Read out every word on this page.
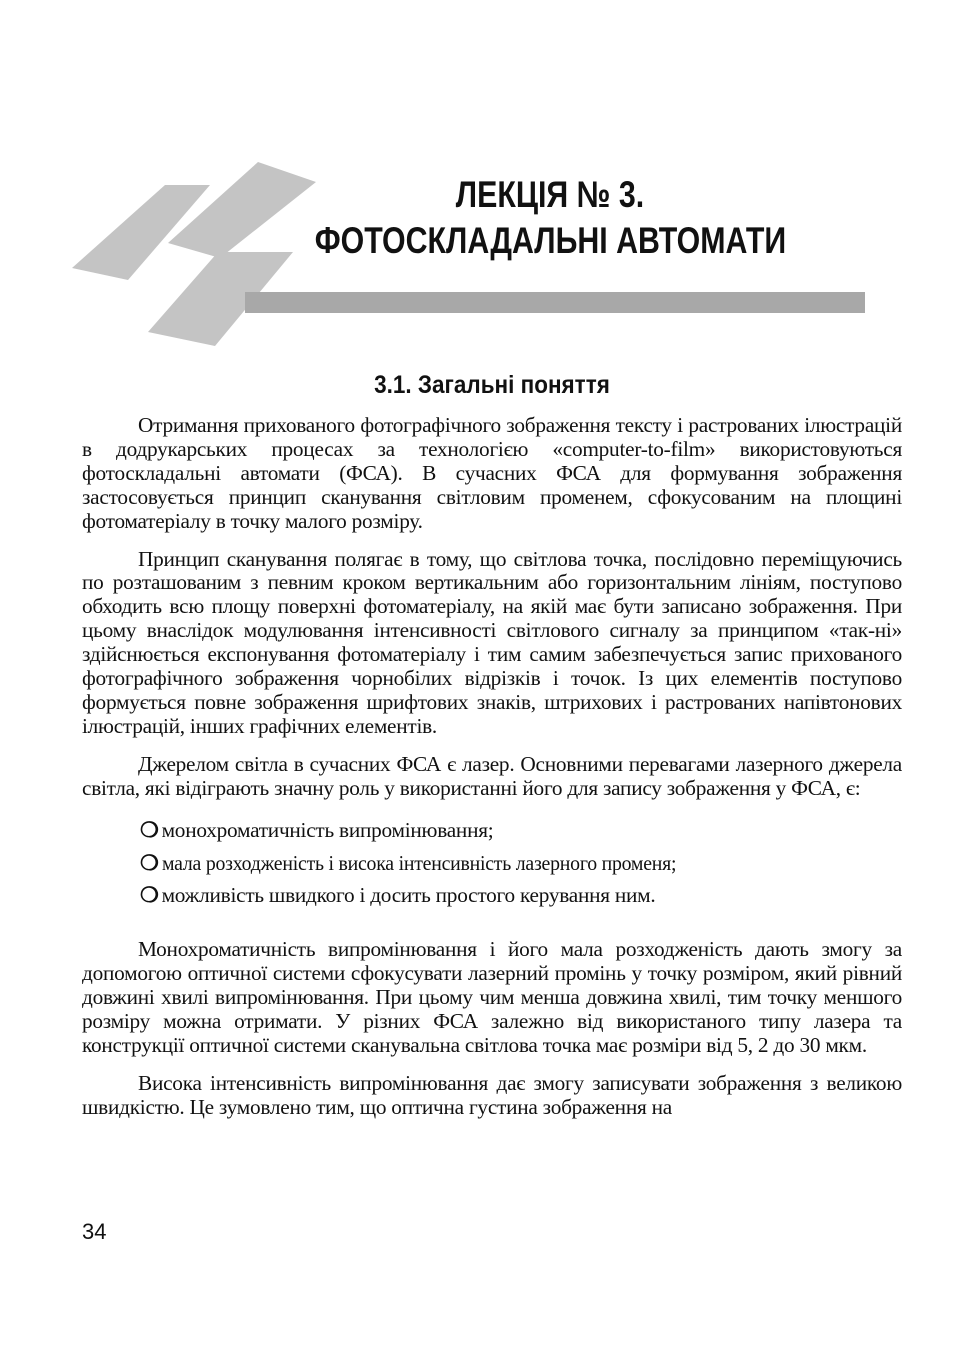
ЛЕКЦІЯ № 3.
ФОТОСКЛАДАЛЬНІ АВТОМАТИ
3.1. Загальні поняття

Отримання прихованого фотографічного зображення тексту і растрованих ілюстрацій в додрукарських процесах за технологією «computer-to-film» використовуються фотоскладальні автомати (ФСА). В сучасних ФСА для формування зображення застосовується принцип сканування світловим променем, сфокусованим на площині фотоматеріалу в точку малого розміру.

Принцип сканування полягає в тому, що світлова точка, послідовно переміщуючись по розташованим з певним кроком вертикальним або горизонтальним лініям, поступово обходить всю площу поверхні фотоматеріалу, на якій має бути записано зображення. При цьому внаслідок модулювання інтенсивності світлового сигналу за принципом «так-ні» здійснюється експонування фотоматеріалу і тим самим забезпечується запис прихованого фотографічного зображення чорнобілих відрізків і точок. Із цих елементів поступово формується повне зображення шрифтових знаків, штрихових і растрованих напівтонових ілюстрацій, інших графічних елементів.

Джерелом світла в сучасних ФСА є лазер. Основними перевагами лазерного джерела світла, які відіграють значну роль у використанні його для запису зображення у ФСА, є:

❍ монохроматичність випромінювання;
❍ мала розходженість і висока інтенсивність лазерного променя;
❍ можливість швидкого і досить простого керування ним.

Монохроматичність випромінювання і його мала розходженість дають змогу за допомогою оптичної системи сфокусувати лазерний промінь у точку розміром, який рівний довжині хвилі випромінювання. При цьому чим менша довжина хвилі, тим точку меншого розміру можна отримати. У різних ФСА залежно від використаного типу лазера та конструкції оптичної системи сканувальна світлова точка має розміри від 5, 2 до 30 мкм.

Висока інтенсивність випромінювання дає змогу записувати зображення з великою швидкістю. Це зумовлено тим, що оптична густина зображення на

34
